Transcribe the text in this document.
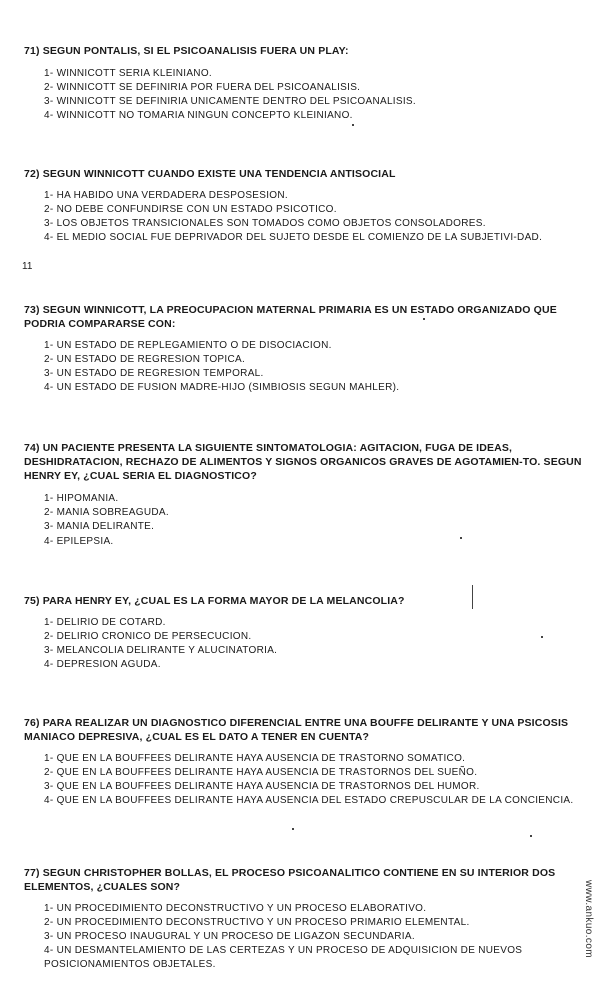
71) SEGUN PONTALIS, SI EL PSICOANALISIS FUERA UN PLAY:

1- WINNICOTT SERIA KLEINIANO.

2- WINNICOTT SE DEFINIRIA POR FUERA DEL PSICOANALISIS.

3- WINNICOTT SE DEFINIRIA UNICAMENTE DENTRO DEL PSICOANALISIS.

4- WINNICOTT NO TOMARIA NINGUN CONCEPTO KLEINIANO.

72) SEGUN WINNICOTT CUANDO EXISTE UNA TENDENCIA ANTISOCIAL

1- HA HABIDO UNA VERDADERA DESPOSESION.

2- NO DEBE CONFUNDIRSE CON UN ESTADO PSICOTICO.

3- LOS OBJETOS TRANSICIONALES SON TOMADOS COMO OBJETOS CONSOLADORES.

4- EL MEDIO SOCIAL FUE DEPRIVADOR DEL SUJETO DESDE EL COMIENZO DE LA SUBJETIVI-DAD.

11

73) SEGUN WINNICOTT, LA PREOCUPACION MATERNAL PRIMARIA ES UN ESTADO ORGANIZADO QUE PODRIA COMPARARSE CON:

1- UN ESTADO DE REPLEGAMIENTO O DE DISOCIACION.

2- UN ESTADO DE REGRESION TOPICA.

3- UN ESTADO DE REGRESION TEMPORAL.

4- UN ESTADO DE FUSION MADRE-HIJO (SIMBIOSIS SEGUN MAHLER).

74) UN PACIENTE PRESENTA LA SIGUIENTE SINTOMATOLOGIA: AGITACION, FUGA DE IDEAS, DESHIDRATACION, RECHAZO DE ALIMENTOS Y SIGNOS ORGANICOS GRAVES DE AGOTAMIEN-TO. SEGUN HENRY EY, ¿CUAL SERIA EL DIAGNOSTICO?

1- HIPOMANIA.

2- MANIA SOBREAGUDA.

3- MANIA DELIRANTE.

4- EPILEPSIA.

75) PARA HENRY EY, ¿CUAL ES LA FORMA MAYOR DE LA MELANCOLIA?

1- DELIRIO DE COTARD.

2- DELIRIO CRONICO DE PERSECUCION.

3- MELANCOLIA DELIRANTE Y ALUCINATORIA.

4- DEPRESION AGUDA.

76) PARA REALIZAR UN DIAGNOSTICO DIFERENCIAL ENTRE UNA BOUFFE DELIRANTE Y UNA PSICOSIS MANIACO DEPRESIVA, ¿CUAL ES EL DATO A TENER EN CUENTA?

1- QUE EN LA BOUFFEES DELIRANTE HAYA AUSENCIA DE TRASTORNO SOMATICO.

2- QUE EN LA BOUFFEES DELIRANTE HAYA AUSENCIA DE TRASTORNOS DEL SUEÑO.

3- QUE EN LA BOUFFEES DELIRANTE HAYA AUSENCIA DE TRASTORNOS DEL HUMOR.

4- QUE EN LA BOUFFEES DELIRANTE HAYA AUSENCIA DEL ESTADO CREPUSCULAR DE LA CONCIENCIA.

77) SEGUN CHRISTOPHER BOLLAS, EL PROCESO PSICOANALITICO CONTIENE EN SU INTERIOR DOS ELEMENTOS, ¿CUALES SON?

1- UN PROCEDIMIENTO DECONSTRUCTIVO Y UN PROCESO ELABORATIVO.

2- UN PROCEDIMIENTO DECONSTRUCTIVO Y UN PROCESO PRIMARIO ELEMENTAL.

3- UN PROCESO INAUGURAL Y UN PROCESO DE LIGAZON SECUNDARIA.

4- UN DESMANTELAMIENTO DE LAS CERTEZAS Y UN PROCESO DE ADQUISICION DE NUEVOS POSICIONAMIENTOS OBJETALES.

www.ankuo.com
